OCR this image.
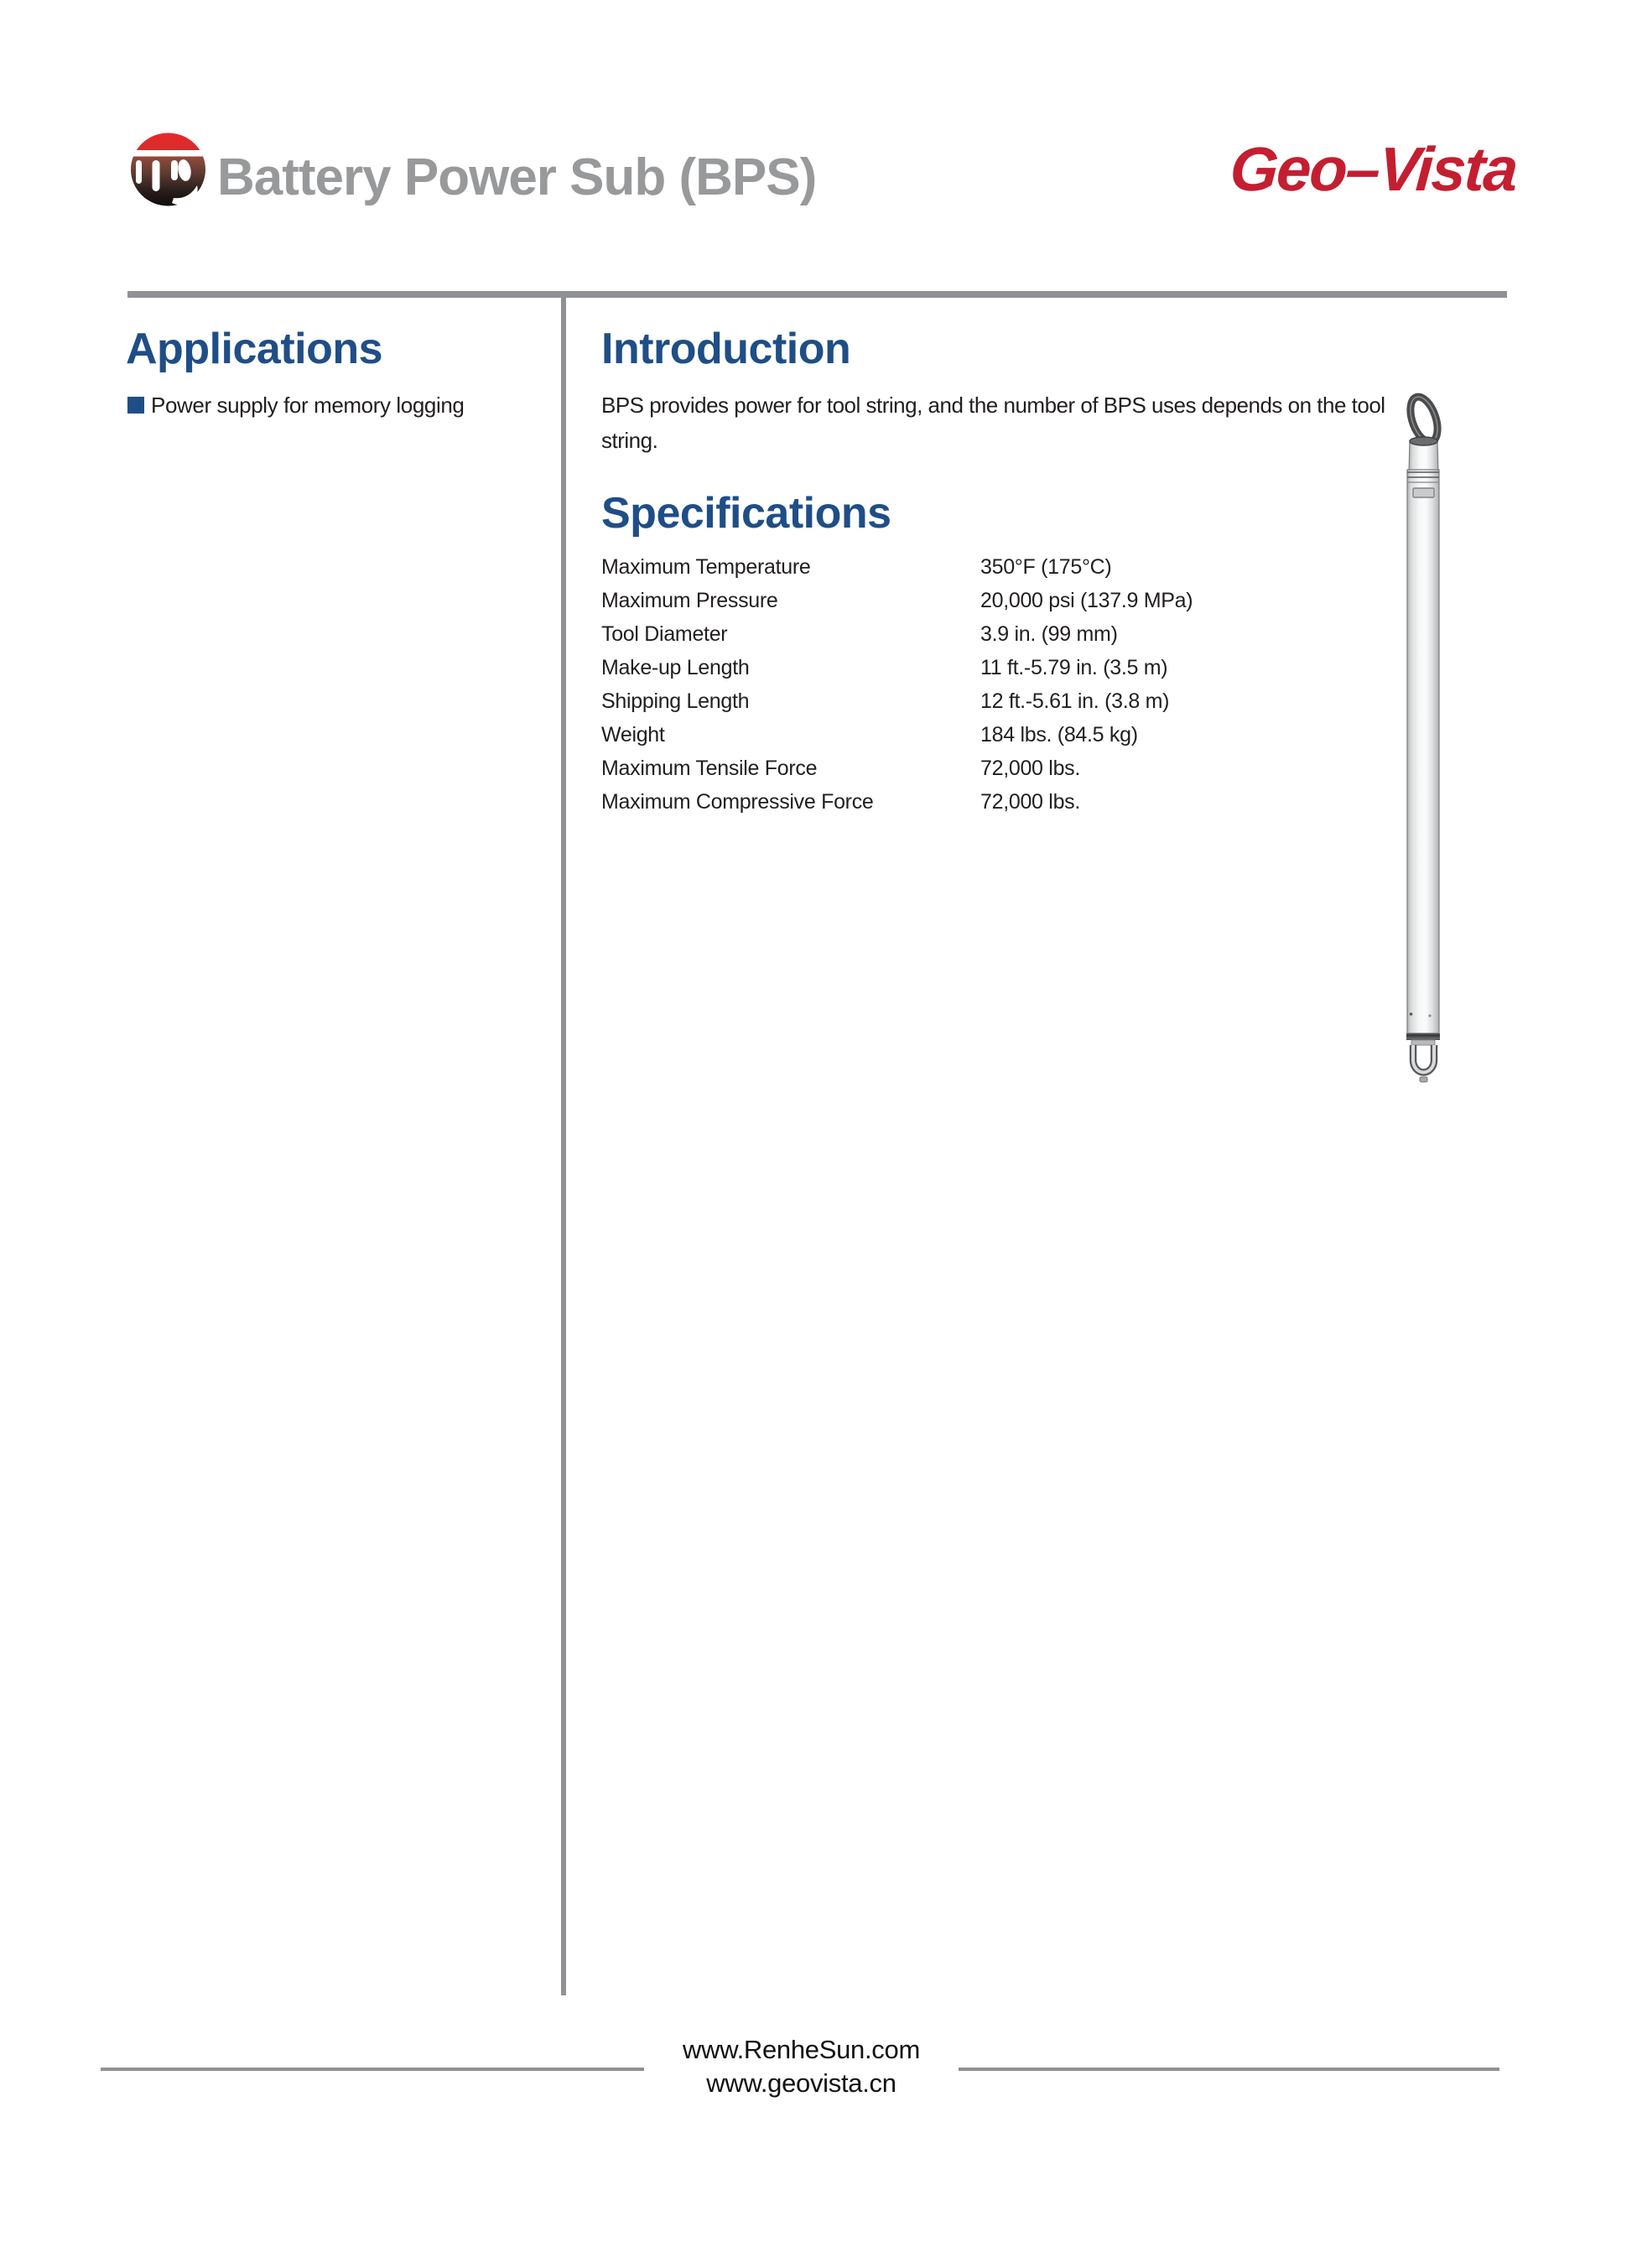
Battery Power Sub (BPS)	Geo–Vista
Applications
Power supply for memory logging
Introduction
BPS provides power for tool string, and the number of BPS uses depends on the tool string.
Specifications
Maximum Temperature	350°F (175°C)
Maximum Pressure	20,000 psi (137.9 MPa)
Tool Diameter	3.9 in. (99 mm)
Make-up Length	11 ft.-5.79 in. (3.5 m)
Shipping Length	12 ft.-5.61 in. (3.8 m)
Weight	184 lbs. (84.5 kg)
Maximum Tensile Force	72,000 lbs.
Maximum Compressive Force	72,000 lbs.
www.RenheSun.com
www.geovista.cn
